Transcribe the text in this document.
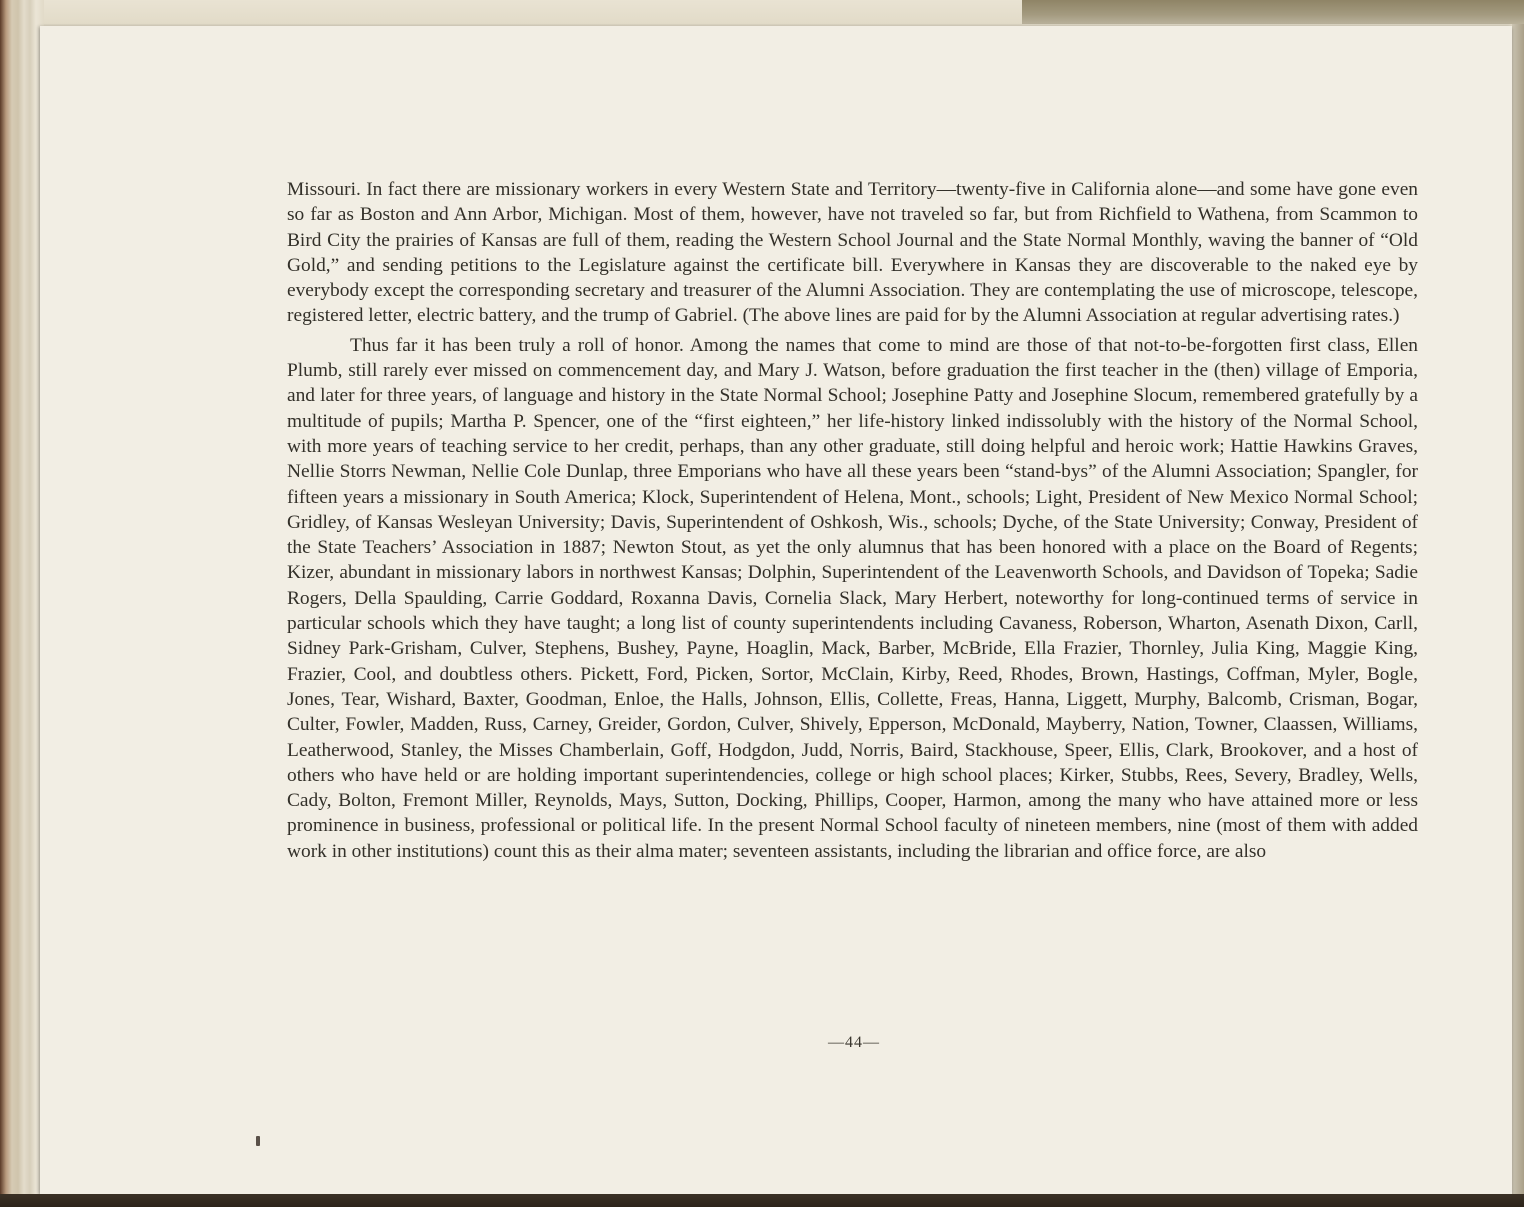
Missouri. In fact there are missionary workers in every Western State and Territory—twenty-five in California alone—and some have gone even so far as Boston and Ann Arbor, Michigan. Most of them, however, have not traveled so far, but from Richfield to Wathena, from Scammon to Bird City the prairies of Kansas are full of them, reading the Western School Journal and the State Normal Monthly, waving the banner of “Old Gold,” and sending petitions to the Legislature against the certificate bill. Everywhere in Kansas they are discoverable to the naked eye by everybody except the corresponding secretary and treasurer of the Alumni Association. They are contemplating the use of microscope, telescope, registered letter, electric battery, and the trump of Gabriel. (The above lines are paid for by the Alumni Association at regular advertising rates.)

Thus far it has been truly a roll of honor. Among the names that come to mind are those of that not-to-be-forgotten first class, Ellen Plumb, still rarely ever missed on commencement day, and Mary J. Watson, before graduation the first teacher in the (then) village of Emporia, and later for three years, of language and history in the State Normal School; Josephine Patty and Josephine Slocum, remembered gratefully by a multitude of pupils; Martha P. Spencer, one of the “first eighteen,” her life-history linked indissolubly with the history of the Normal School, with more years of teaching service to her credit, perhaps, than any other graduate, still doing helpful and heroic work; Hattie Hawkins Graves, Nellie Storrs Newman, Nellie Cole Dunlap, three Emporians who have all these years been “stand-bys” of the Alumni Association; Spangler, for fifteen years a missionary in South America; Klock, Superintendent of Helena, Mont., schools; Light, President of New Mexico Normal School; Gridley, of Kansas Wesleyan University; Davis, Superintendent of Oshkosh, Wis., schools; Dyche, of the State University; Conway, President of the State Teachers’ Association in 1887; Newton Stout, as yet the only alumnus that has been honored with a place on the Board of Regents; Kizer, abundant in missionary labors in northwest Kansas; Dolphin, Superintendent of the Leavenworth Schools, and Davidson of Topeka; Sadie Rogers, Della Spaulding, Carrie Goddard, Roxanna Davis, Cornelia Slack, Mary Herbert, noteworthy for long-continued terms of service in particular schools which they have taught; a long list of county superintendents including Cavaness, Roberson, Wharton, Asenath Dixon, Carll, Sidney Park-Grisham, Culver, Stephens, Bushey, Payne, Hoaglin, Mack, Barber, McBride, Ella Frazier, Thornley, Julia King, Maggie King, Frazier, Cool, and doubtless others. Pickett, Ford, Picken, Sortor, McClain, Kirby, Reed, Rhodes, Brown, Hastings, Coffman, Myler, Bogle, Jones, Tear, Wishard, Baxter, Goodman, Enloe, the Halls, Johnson, Ellis, Collette, Freas, Hanna, Liggett, Murphy, Balcomb, Crisman, Bogar, Culter, Fowler, Madden, Russ, Carney, Greider, Gordon, Culver, Shively, Epperson, McDonald, Mayberry, Nation, Towner, Claassen, Williams, Leatherwood, Stanley, the Misses Chamberlain, Goff, Hodgdon, Judd, Norris, Baird, Stackhouse, Speer, Ellis, Clark, Brookover, and a host of others who have held or are holding important superintendencies, college or high school places; Kirker, Stubbs, Rees, Severy, Bradley, Wells, Cady, Bolton, Fremont Miller, Reynolds, Mays, Sutton, Docking, Phillips, Cooper, Harmon, among the many who have attained more or less prominence in business, professional or political life. In the present Normal School faculty of nineteen members, nine (most of them with added work in other institutions) count this as their alma mater; seventeen assistants, including the librarian and office force, are also

—44—
